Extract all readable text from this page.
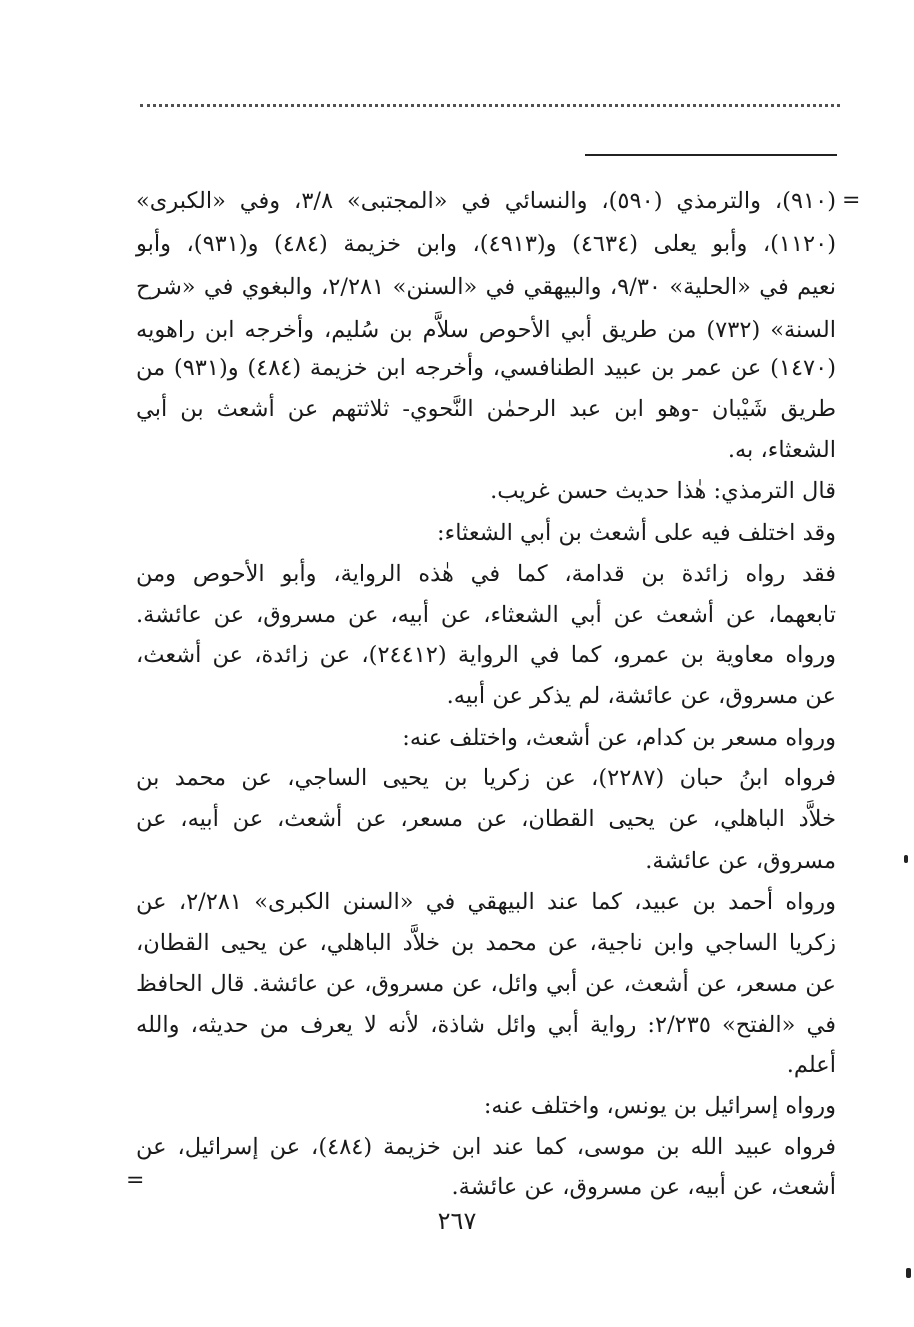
=
(٩١٠)، والترمذي (٥٩٠)، والنسائي في «المجتبى» ٣/٨، وفي «الكبرى»
(١١٢٠)، وأبو يعلى (٤٦٣٤) و(٤٩١٣)، وابن خزيمة (٤٨٤) و(٩٣١)، وأبو
نعيم في «الحلية» ٩/٣٠، والبيهقي في «السنن» ٢/٢٨١، والبغوي في «شرح
السنة» (٧٣٢) من طريق أبي الأحوص سلاَّم بن سُليم، وأخرجه ابن راهويه
(١٤٧٠) عن عمر بن عبيد الطنافسي، وأخرجه ابن خزيمة (٤٨٤) و(٩٣١) من
طريق شَيْبان -وهو ابن عبد الرحمٰن النَّحوي- ثلاثتهم عن أشعث بن أبي
الشعثاء، به.
قال الترمذي: هٰذا حديث حسن غريب.
وقد اختلف فيه على أشعث بن أبي الشعثاء:
فقد رواه زائدة بن قدامة، كما في هٰذه الرواية، وأبو الأحوص ومن
تابعهما، عن أشعث عن أبي الشعثاء، عن أبيه، عن مسروق، عن عائشة.
ورواه معاوية بن عمرو، كما في الرواية (٢٤٤١٢)، عن زائدة، عن أشعث،
عن مسروق، عن عائشة، لم يذكر عن أبيه.
ورواه مسعر بن كدام، عن أشعث، واختلف عنه:
فرواه ابنُ حبان (٢٢٨٧)، عن زكريا بن يحيى الساجي، عن محمد بن
خلاَّد الباهلي، عن يحيى القطان، عن مسعر، عن أشعث، عن أبيه، عن
مسروق، عن عائشة.
ورواه أحمد بن عبيد، كما عند البيهقي في «السنن الكبرى» ٢/٢٨١، عن
زكريا الساجي وابن ناجية، عن محمد بن خلاَّد الباهلي، عن يحيى القطان،
عن مسعر، عن أشعث، عن أبي وائل، عن مسروق، عن عائشة. قال الحافظ
في «الفتح» ٢/٢٣٥: رواية أبي وائل شاذة، لأنه لا يعرف من حديثه، والله
أعلم.
ورواه إسرائيل بن يونس، واختلف عنه:
فرواه عبيد الله بن موسى، كما عند ابن خزيمة (٤٨٤)، عن إسرائيل، عن
أشعث، عن أبيه، عن مسروق، عن عائشة.
=
٢٦٧
